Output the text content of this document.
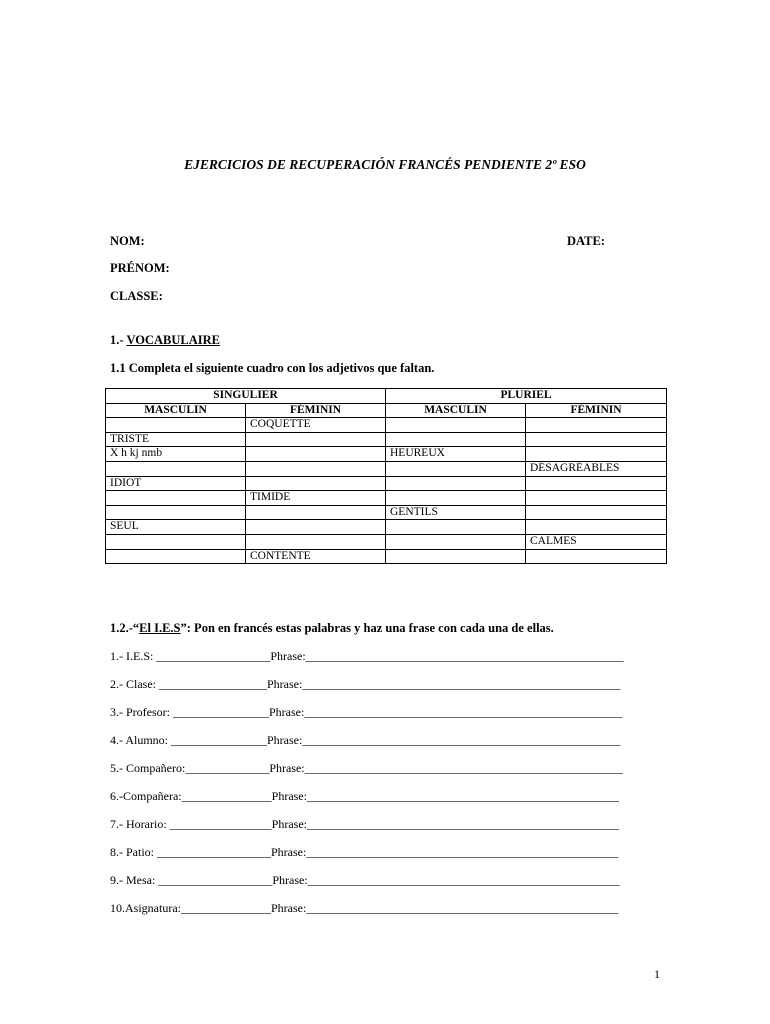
EJERCICIOS DE RECUPERACIÓN FRANCÉS PENDIENTE 2º ESO
NOM:	DATE:
PRÉNOM:
CLASSE:
1.- VOCABULAIRE
1.1 Completa el siguiente cuadro con los adjetivos que faltan.
SINGULIER		PLURIEL	
MASCULIN	FÉMININ	MASCULIN	FÉMININ
	COQUETTE		
TRISTE			
X h kj nmb		HEUREUX	
			DÉSAGRÉABLES
IDIOT			
	TIMIDE		
		GENTILS	
SEUL			
			CALMES
	CONTENTE		
1.2.-“El I.E.S”: Pon en francés estas palabras y haz una frase con cada una de ellas.
1.- I.E.S: ___________________Phrase:_____________________________________________________
2.- Clase: __________________Phrase:_____________________________________________________
3.- Profesor: ________________Phrase:_____________________________________________________
4.- Alumno: ________________Phrase:_____________________________________________________
5.- Compañero:______________Phrase:_____________________________________________________
6.-Compañera:_______________Phrase:____________________________________________________
7.- Horario: _________________Phrase:____________________________________________________
8.- Patio: ___________________Phrase:____________________________________________________
9.- Mesa: ___________________Phrase:____________________________________________________
10.Asignatura:_______________Phrase:____________________________________________________
1
